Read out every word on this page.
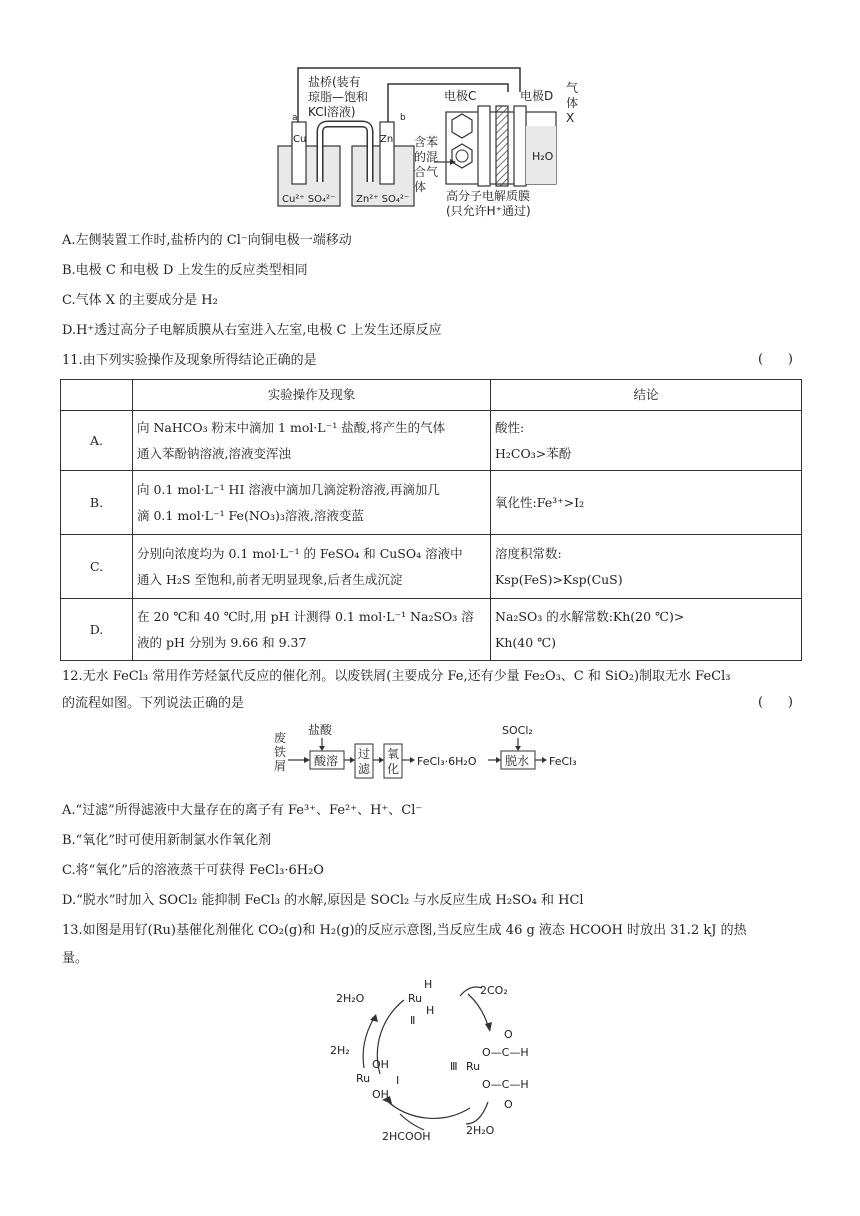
盐桥(装有琼脂—饱和 KCl溶液)
a	b
Cu	Zn
Cu²⁺ SO₄²⁻ Zn²⁺ SO₄²⁻
电极C	电极D
H₂O
气体 X
含苯的混合气体
高分子电解质膜(只允许H⁺通过)
A.左侧装置工作时,盐桥内的 Cl⁻向铜电极一端移动
B.电极 C 和电极 D 上发生的反应类型相同
C.气体 X 的主要成分是 H₂
D.H⁺透过高分子电解质膜从右室进入左室,电极 C 上发生还原反应
11.由下列实验操作及现象所得结论正确的是	(      )
	实验操作及现象	结论
A.	向 NaHCO₃ 粉末中滴加 1 mol·L⁻¹ 盐酸,将产生的气体
通入苯酚钠溶液,溶液变浑浊	酸性:
H₂CO₃>苯酚
B.	向 0.1 mol·L⁻¹ HI 溶液中滴加几滴淀粉溶液,再滴加几
滴 0.1 mol·L⁻¹ Fe(NO₃)₃溶液,溶液变蓝	氧化性:Fe³⁺>I₂
C.	分别向浓度均为 0.1 mol·L⁻¹ 的 FeSO₄ 和 CuSO₄ 溶液中
通入 H₂S 至饱和,前者无明显现象,后者生成沉淀	溶度积常数:
Ksp(FeS)>Ksp(CuS)
D.	在 20 ℃和 40 ℃时,用 pH 计测得 0.1 mol·L⁻¹ Na₂SO₃ 溶
液的 pH 分别为 9.66 和 9.37	Na₂SO₃ 的水解常数:Kh(20 ℃)>
Kh(40 ℃)
12.无水 FeCl₃ 常用作芳烃氯代反应的催化剂。以废铁屑(主要成分 Fe,还有少量 Fe₂O₃、C 和 SiO₂)制取无水 FeCl₃
的流程如图。下列说法正确的是	(      )
废铁屑
盐酸
酸溶 过滤
氧化
FeCl₃·6H₂O
SOCl₂
脱水 FeCl₃
A.“过滤”所得滤液中大量存在的离子有 Fe³⁺、Fe²⁺、H⁺、Cl⁻
B.“氧化”时可使用新制氯水作氧化剂
C.将“氧化”后的溶液蒸干可获得 FeCl₃·6H₂O
D.“脱水”时加入 SOCl₂ 能抑制 FeCl₃ 的水解,原因是 SOCl₂ 与水反应生成 H₂SO₄ 和 HCl
13.如图是用钌(Ru)基催化剂催化 CO₂(g)和 H₂(g)的反应示意图,当反应生成 46 g 液态 HCOOH 时放出 31.2 kJ 的热
量。
2H₂O
2CO₂
2H₂
2HCOOH	2H₂O
Ru
H
H
Ⅱ
OH
Ru
OH
Ⅰ
Ⅲ Ru
O
O—C—H
O—C—H
O
